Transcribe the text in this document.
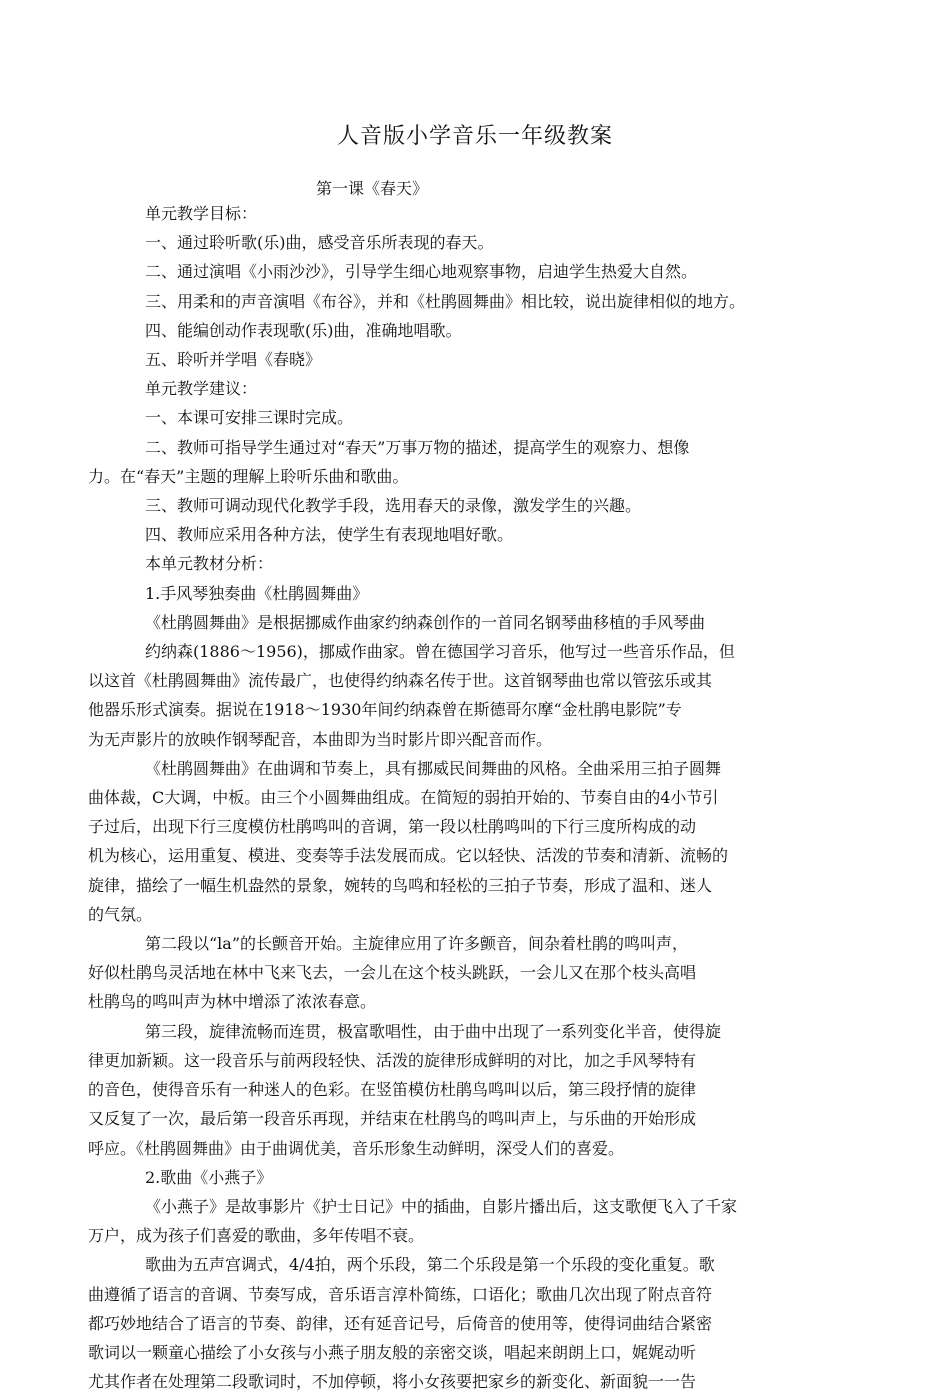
人音版小学音乐一年级教案
第一课《春天》

单元教学目标：

一、通过聆听歌(乐)曲，感受音乐所表现的春天。

二、通过演唱《小雨沙沙》，引导学生细心地观察事物，启迪学生热爱大自然。

三、用柔和的声音演唱《布谷》，并和《杜鹃圆舞曲》相比较，说出旋律相似的地方。

四、能编创动作表现歌(乐)曲，准确地唱歌。

五、聆听并学唱《春晓》

单元教学建议：

一、本课可安排三课时完成。

二、教师可指导学生通过对“春天”万事万物的描述，提高学生的观察力、想像

力。在“春天”主题的理解上聆听乐曲和歌曲。

三、教师可调动现代化教学手段，选用春天的录像，激发学生的兴趣。

四、教师应采用各种方法，使学生有表现地唱好歌。

本单元教材分析：

1.手风琴独奏曲《杜鹃圆舞曲》

《杜鹃圆舞曲》是根据挪威作曲家约纳森创作的一首同名钢琴曲移植的手风琴曲

约纳森(1886～1956)，挪威作曲家。曾在德国学习音乐，他写过一些音乐作品，但

以这首《杜鹃圆舞曲》流传最广，也使得约纳森名传于世。这首钢琴曲也常以管弦乐或其

他器乐形式演奏。据说在1918～1930年间约纳森曾在斯德哥尔摩“金杜鹃电影院”专

为无声影片的放映作钢琴配音，本曲即为当时影片即兴配音而作。

《杜鹃圆舞曲》在曲调和节奏上，具有挪威民间舞曲的风格。全曲采用三拍子圆舞

曲体裁，C大调，中板。由三个小圆舞曲组成。在简短的弱拍开始的、节奏自由的4小节引

子过后，出现下行三度模仿杜鹃鸣叫的音调，第一段以杜鹃鸣叫的下行三度所构成的动

机为核心，运用重复、模进、变奏等手法发展而成。它以轻快、活泼的节奏和清新、流畅的

旋律，描绘了一幅生机盎然的景象，婉转的鸟鸣和轻松的三拍子节奏，形成了温和、迷人

的气氛。

第二段以“la”的长颤音开始。主旋律应用了许多颤音，间杂着杜鹃的鸣叫声，

好似杜鹃鸟灵活地在林中飞来飞去，一会儿在这个枝头跳跃，一会儿又在那个枝头高唱

杜鹃鸟的鸣叫声为林中增添了浓浓春意。

第三段，旋律流畅而连贯，极富歌唱性，由于曲中出现了一系列变化半音，使得旋

律更加新颖。这一段音乐与前两段轻快、活泼的旋律形成鲜明的对比，加之手风琴特有

的音色，使得音乐有一种迷人的色彩。在竖笛模仿杜鹃鸟鸣叫以后，第三段抒情的旋律

又反复了一次，最后第一段音乐再现，并结束在杜鹃鸟的鸣叫声上，与乐曲的开始形成

呼应。《杜鹃圆舞曲》由于曲调优美，音乐形象生动鲜明，深受人们的喜爱。

2.歌曲《小燕子》

《小燕子》是故事影片《护士日记》中的插曲，自影片播出后，这支歌便飞入了千家

万户，成为孩子们喜爱的歌曲，多年传唱不衰。

歌曲为五声宫调式，4/4拍，两个乐段，第二个乐段是第一个乐段的变化重复。歌

曲遵循了语言的音调、节奏写成，音乐语言淳朴简练，口语化；歌曲几次出现了附点音符

都巧妙地结合了语言的节奏、韵律，还有延音记号，后倚音的使用等，使得词曲结合紧密

歌词以一颗童心描绘了小女孩与小燕子朋友般的亲密交谈，唱起来朗朗上口，娓娓动听

尤其作者在处理第二段歌词时，不加停顿，将小女孩要把家乡的新变化、新面貌一一告
